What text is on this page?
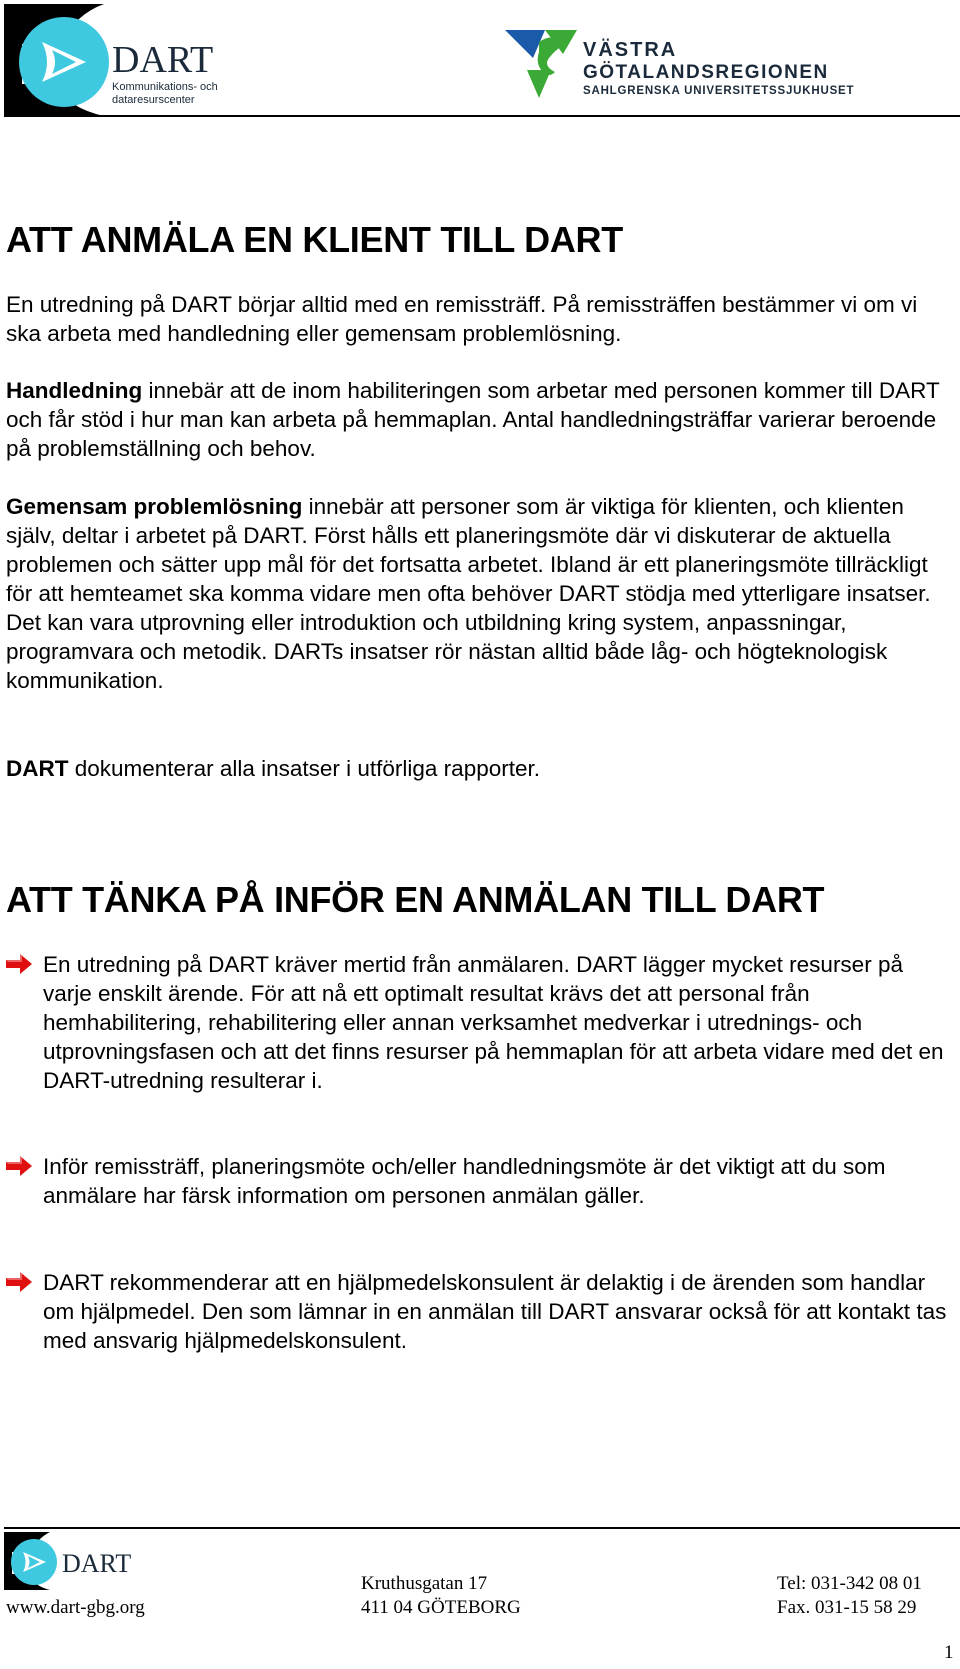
DART
Kommunikations- och
dataresurscenter
VÄSTRA
GÖTALANDSREGIONEN
SAHLGRENSKA UNIVERSITETSSJUKHUSET
ATT ANMÄLA EN KLIENT TILL DART

En utredning på DART börjar alltid med en remissträff. På remissträffen bestämmer vi om vi ska arbeta med handledning eller gemensam problemlösning.

Handledning innebär att de inom habiliteringen som arbetar med personen kommer till DART och får stöd i hur man kan arbeta på hemmaplan. Antal handledningsträffar varierar beroende på problemställning och behov.

Gemensam problemlösning innebär att personer som är viktiga för klienten, och klienten själv, deltar i arbetet på DART. Först hålls ett planeringsmöte där vi diskuterar de aktuella problemen och sätter upp mål för det fortsatta arbetet. Ibland är ett planeringsmöte tillräckligt för att hemteamet ska komma vidare men ofta behöver DART stödja med ytterligare insatser. Det kan vara utprovning eller introduktion och utbildning kring system, anpassningar, programvara och metodik. DARTs insatser rör nästan alltid både låg- och högteknologisk kommunikation.

DART dokumenterar alla insatser i utförliga rapporter.

ATT TÄNKA PÅ INFÖR EN ANMÄLAN TILL DART

En utredning på DART kräver mertid från anmälaren. DART lägger mycket resurser på varje enskilt ärende. För att nå ett optimalt resultat krävs det att personal från hemhabilitering, rehabilitering eller annan verksamhet medverkar i utrednings- och utprovningsfasen och att det finns resurser på hemmaplan för att arbeta vidare med det en DART-utredning resulterar i.

Inför remissträff, planeringsmöte och/eller handledningsmöte är det viktigt att du som anmälare har färsk information om personen anmälan gäller.

DART rekommenderar att en hjälpmedelskonsulent är delaktig i de ärenden som handlar om hjälpmedel. Den som lämnar in en anmälan till DART ansvarar också för att kontakt tas med ansvarig hjälpmedelskonsulent.

DART
www.dart-gbg.org
Kruthusgatan 17
411 04 GÖTEBORG
Tel: 031-342 08 01
Fax. 031-15 58 29
1
